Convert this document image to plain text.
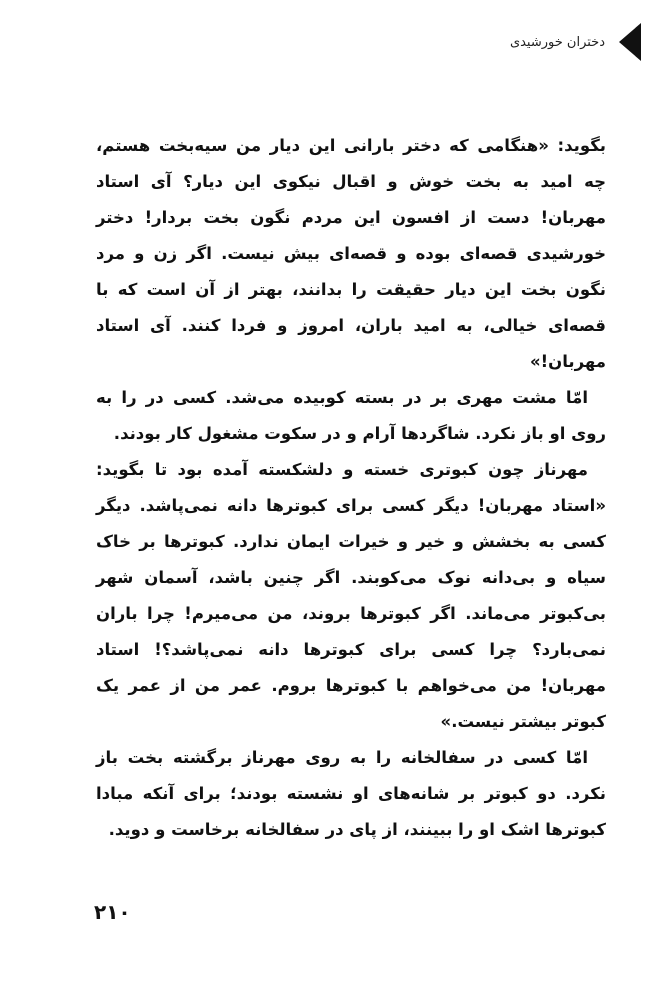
دختران خورشیدی

بگوید: «هنگامی که دختر بارانی این دیار من سیه‌بخت هستم، چه امید به بخت خوش و اقبال نیکوی این دیار؟ آی استاد مهربان! دست از افسون این مردم نگون بخت بردار! دختر خورشیدی قصه‌ای بوده و قصه‌ای بیش نیست. اگر زن و مرد نگون بخت این دیار حقیقت را بدانند، بهتر از آن است که با قصه‌ای خیالی، به امید باران، امروز و فردا کنند. آی استاد مهربان!»

امّا مشت مهری بر در بسته کوبیده می‌شد. کسی در را به روی او باز نکرد. شاگردها آرام و در سکوت مشغول کار بودند.

مهرناز چون کبوتری خسته و دلشکسته آمده بود تا بگوید: «استاد مهربان! دیگر کسی برای کبوترها دانه نمی‌پاشد. دیگر کسی به بخشش و خیر و خیرات ایمان ندارد. کبوترها بر خاک سیاه و بی‌دانه نوک می‌کوبند. اگر چنین باشد، آسمان شهر بی‌کبوتر می‌ماند. اگر کبوترها بروند، من می‌میرم! چرا باران نمی‌بارد؟ چرا کسی برای کبوترها دانه نمی‌پاشد؟! استاد مهربان! من می‌خواهم با کبوترها بروم. عمر من از عمر یک کبوتر بیشتر نیست.»

امّا کسی در سفالخانه را به روی مهرناز برگشته بخت باز نکرد. دو کبوتر بر شانه‌های او نشسته بودند؛ برای آنکه مبادا کبوترها اشک او را ببینند، از پای در سفالخانه برخاست و دوید.

۲۱۰
